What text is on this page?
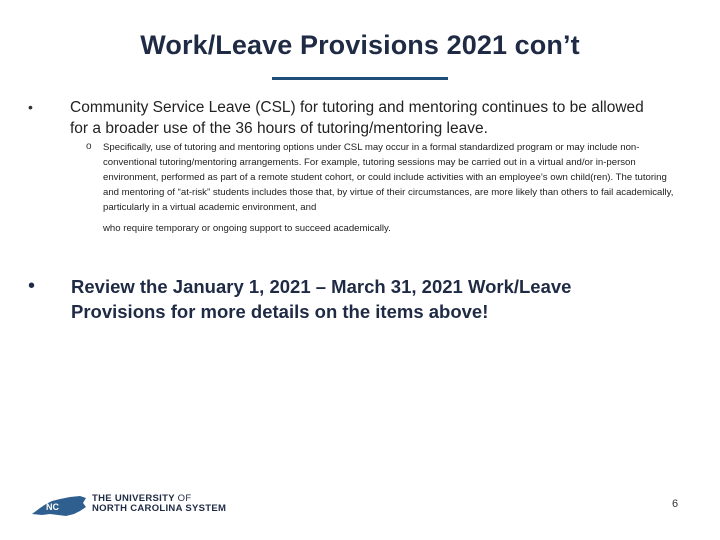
Work/Leave Provisions 2021 con’t
• Community Service Leave (CSL) for tutoring and mentoring continues to be allowed for a broader use of the 36 hours of tutoring/mentoring leave.
o Specifically, use of tutoring and mentoring options under CSL may occur in a formal standardized program or may include non-conventional tutoring/mentoring arrangements. For example, tutoring sessions may be carried out in a virtual and/or in-person environment, performed as part of a remote student cohort, or could include activities with an employee’s own child(ren). The tutoring and mentoring of “at-risk” students includes those that, by virtue of their circumstances, are more likely than others to fail academically, particularly in a virtual academic environment, and
who require temporary or ongoing support to succeed academically.
• Review the January 1, 2021 – March 31, 2021 Work/Leave Provisions for more details on the items above!
NC
THE UNIVERSITY OF
NORTH CAROLINA SYSTEM	6
